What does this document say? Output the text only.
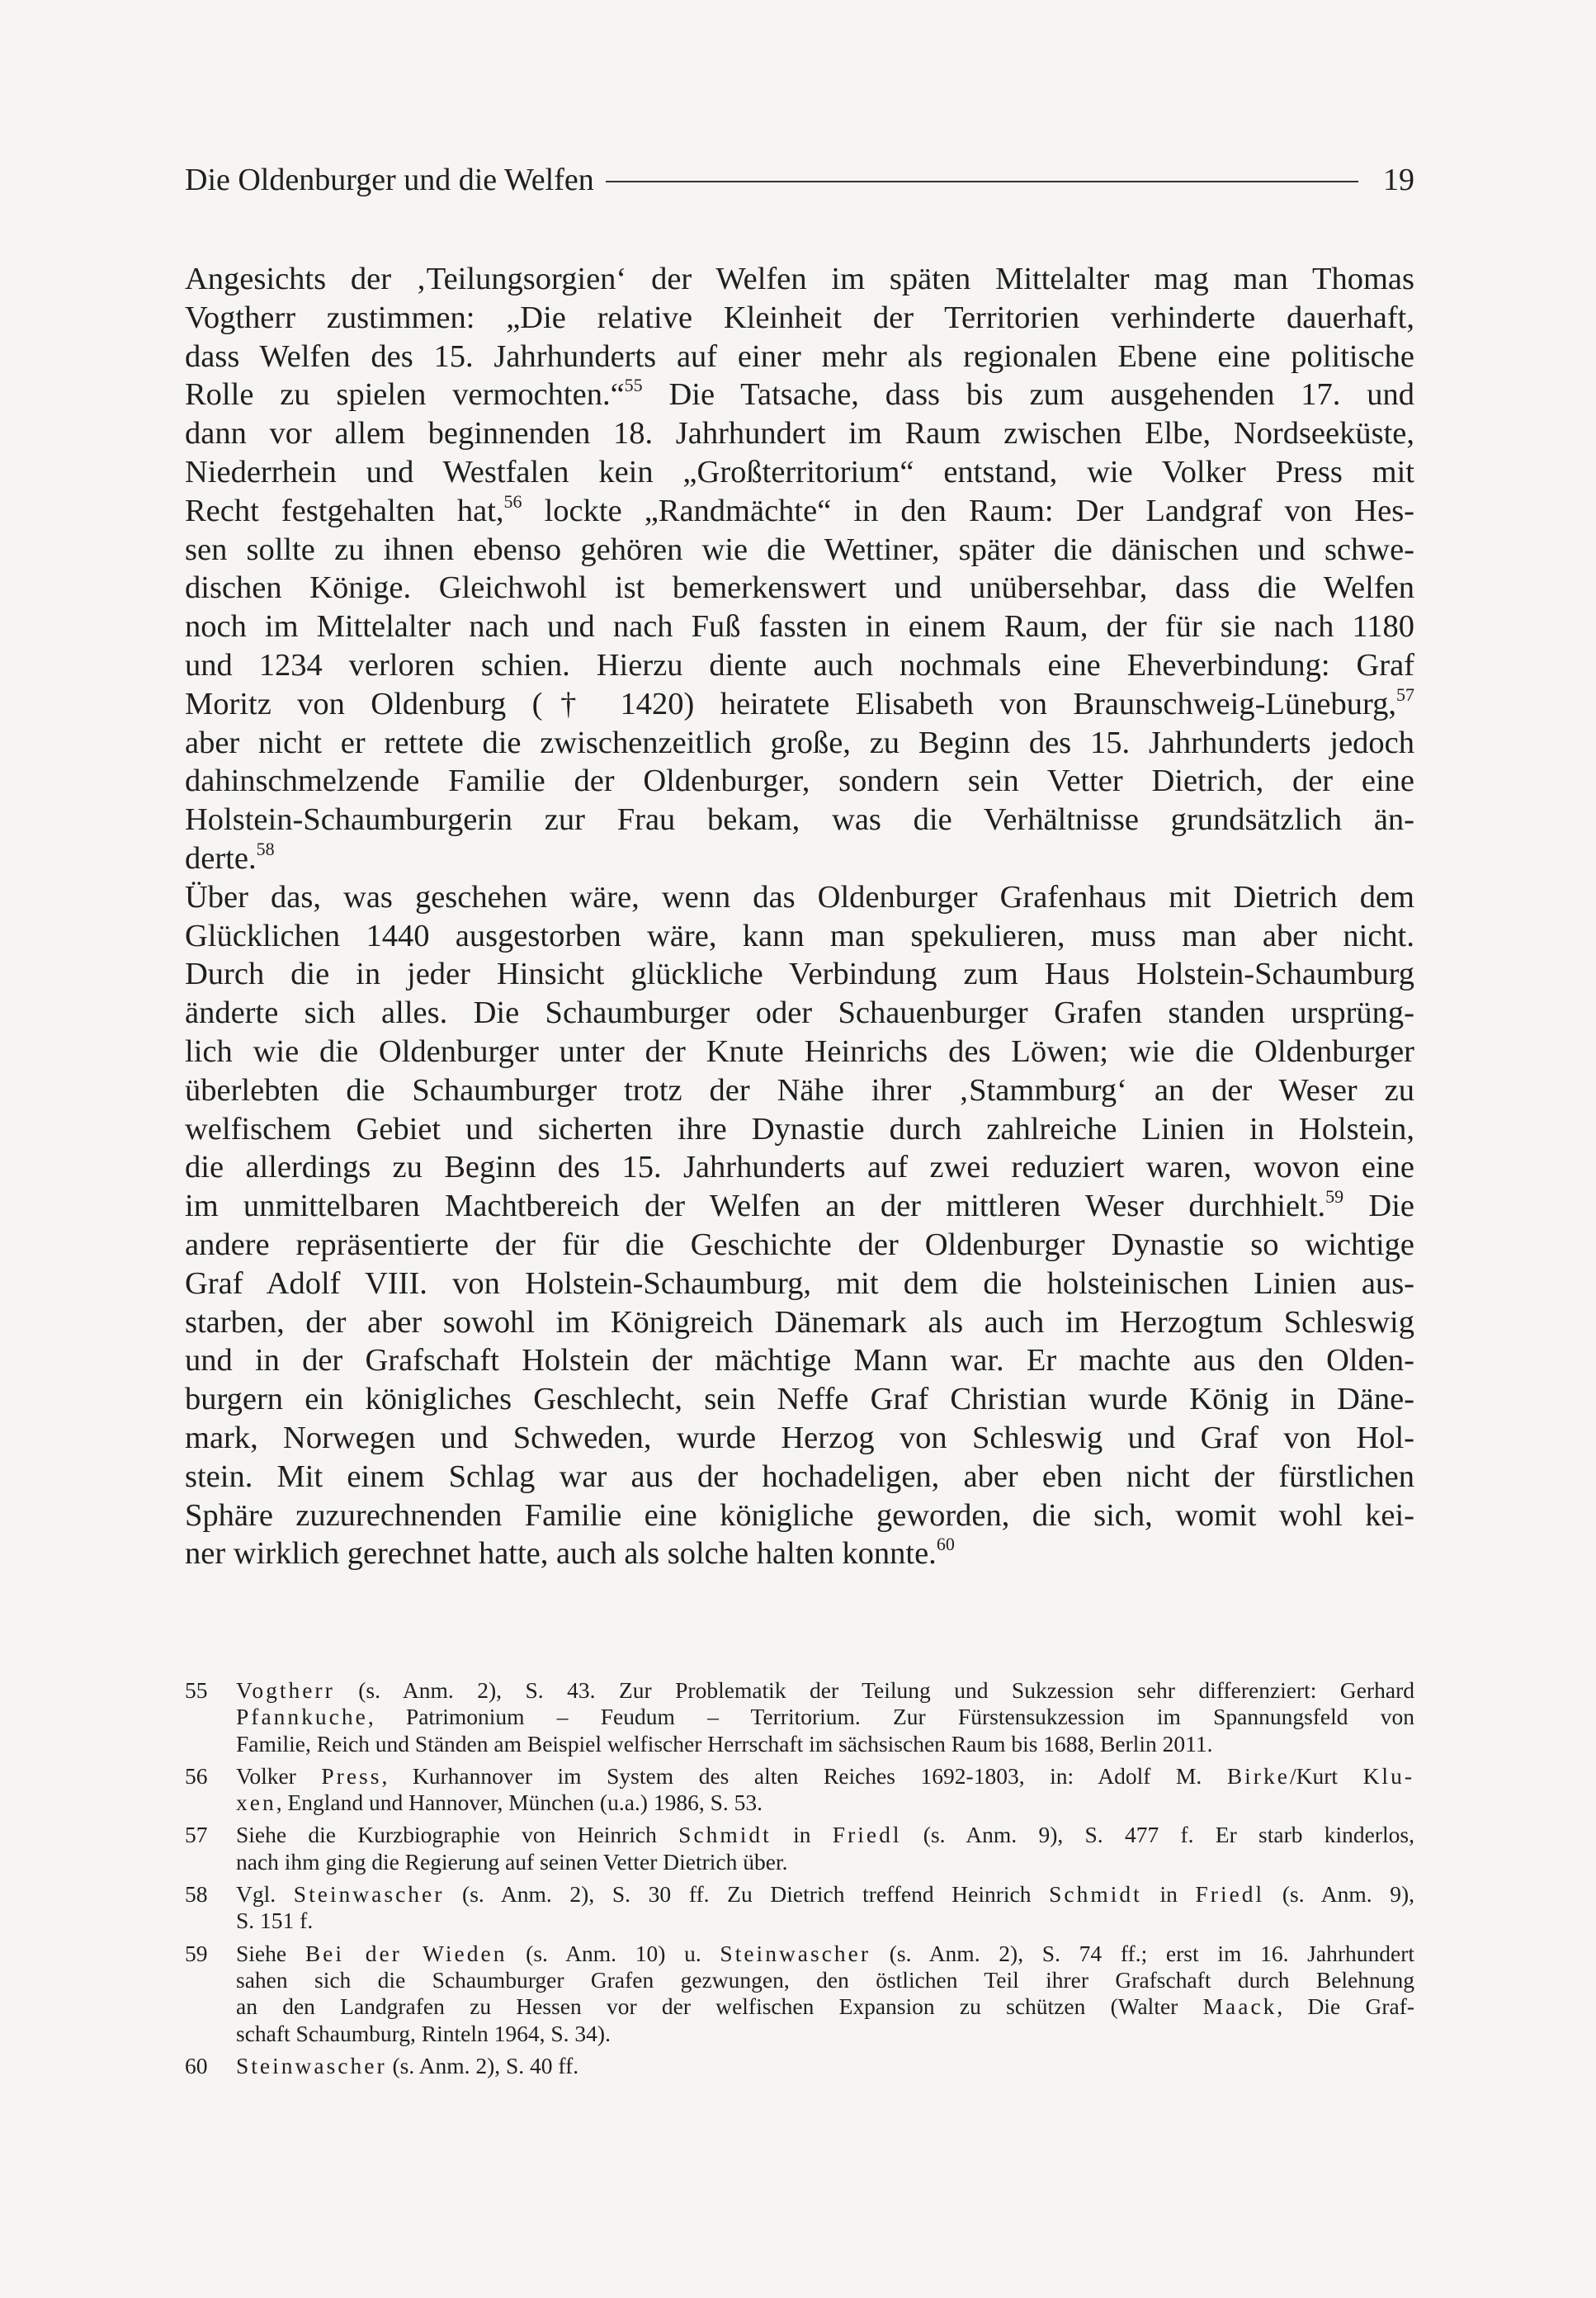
Die Oldenburger und die Welfen	19
Angesichts der ‚Teilungsorgien‘ der Welfen im späten Mittelalter mag man Thomas
Vogtherr zustimmen: „Die relative Kleinheit der Territorien verhinderte dauerhaft,
dass Welfen des 15. Jahrhunderts auf einer mehr als regionalen Ebene eine politische
Rolle zu spielen vermochten.“$^{55}$ Die Tatsache, dass bis zum ausgehenden 17. und
dann vor allem beginnenden 18. Jahrhundert im Raum zwischen Elbe, Nordseeküste,
Niederrhein und Westfalen kein „Großterritorium“ entstand, wie Volker Press mit
Recht festgehalten hat,$^{56}$ lockte „Randmächte“ in den Raum: Der Landgraf von Hes-
sen sollte zu ihnen ebenso gehören wie die Wettiner, später die dänischen und schwe-
dischen Könige. Gleichwohl ist bemerkenswert und unübersehbar, dass die Welfen
noch im Mittelalter nach und nach Fuß fassten in einem Raum, der für sie nach 1180
und 1234 verloren schien. Hierzu diente auch nochmals eine Eheverbindung: Graf
Moritz von Oldenburg († 1420) heiratete Elisabeth von Braunschweig-Lüneburg,$^{57}$
aber nicht er rettete die zwischenzeitlich große, zu Beginn des 15. Jahrhunderts jedoch
dahinschmelzende Familie der Oldenburger, sondern sein Vetter Dietrich, der eine
Holstein-Schaumburgerin zur Frau bekam, was die Verhältnisse grundsätzlich än-
derte.$^{58}$
Über das, was geschehen wäre, wenn das Oldenburger Grafenhaus mit Dietrich dem
Glücklichen 1440 ausgestorben wäre, kann man spekulieren, muss man aber nicht.
Durch die in jeder Hinsicht glückliche Verbindung zum Haus Holstein-Schaumburg
änderte sich alles. Die Schaumburger oder Schauenburger Grafen standen ursprüng-
lich wie die Oldenburger unter der Knute Heinrichs des Löwen; wie die Oldenburger
überlebten die Schaumburger trotz der Nähe ihrer ‚Stammburg‘ an der Weser zu
welfischem Gebiet und sicherten ihre Dynastie durch zahlreiche Linien in Holstein,
die allerdings zu Beginn des 15. Jahrhunderts auf zwei reduziert waren, wovon eine
im unmittelbaren Machtbereich der Welfen an der mittleren Weser durchhielt.$^{59}$ Die
andere repräsentierte der für die Geschichte der Oldenburger Dynastie so wichtige
Graf Adolf VIII. von Holstein-Schaumburg, mit dem die holsteinischen Linien aus-
starben, der aber sowohl im Königreich Dänemark als auch im Herzogtum Schleswig
und in der Grafschaft Holstein der mächtige Mann war. Er machte aus den Olden-
burgern ein königliches Geschlecht, sein Neffe Graf Christian wurde König in Däne-
mark, Norwegen und Schweden, wurde Herzog von Schleswig und Graf von Hol-
stein. Mit einem Schlag war aus der hochadeligen, aber eben nicht der fürstlichen
Sphäre zuzurechnenden Familie eine königliche geworden, die sich, womit wohl kei-
ner wirklich gerechnet hatte, auch als solche halten konnte.$^{60}$
55	Vogtherr (s. Anm. 2), S. 43. Zur Problematik der Teilung und Sukzession sehr differenziert: Gerhard
Pfannkuche, Patrimonium – Feudum – Territorium. Zur Fürstensukzession im Spannungsfeld von
Familie, Reich und Ständen am Beispiel welfischer Herrschaft im sächsischen Raum bis 1688, Berlin 2011.
56	Volker Press, Kurhannover im System des alten Reiches 1692-1803, in: Adolf M. Birke/Kurt Klu-
xen, England und Hannover, München (u.a.) 1986, S. 53.
57	Siehe die Kurzbiographie von Heinrich Schmidt in Friedl (s. Anm. 9), S. 477 f. Er starb kinderlos,
nach ihm ging die Regierung auf seinen Vetter Dietrich über.
58	Vgl. Steinwascher (s. Anm. 2), S. 30 ff. Zu Dietrich treffend Heinrich Schmidt in Friedl (s. Anm. 9),
S. 151 f.
59	Siehe Bei der Wieden (s. Anm. 10) u. Steinwascher (s. Anm. 2), S. 74 ff.; erst im 16. Jahrhundert
sahen sich die Schaumburger Grafen gezwungen, den östlichen Teil ihrer Grafschaft durch Belehnung
an den Landgrafen zu Hessen vor der welfischen Expansion zu schützen (Walter Maack, Die Graf-
schaft Schaumburg, Rinteln 1964, S. 34).
60	Steinwascher (s. Anm. 2), S. 40 ff.
